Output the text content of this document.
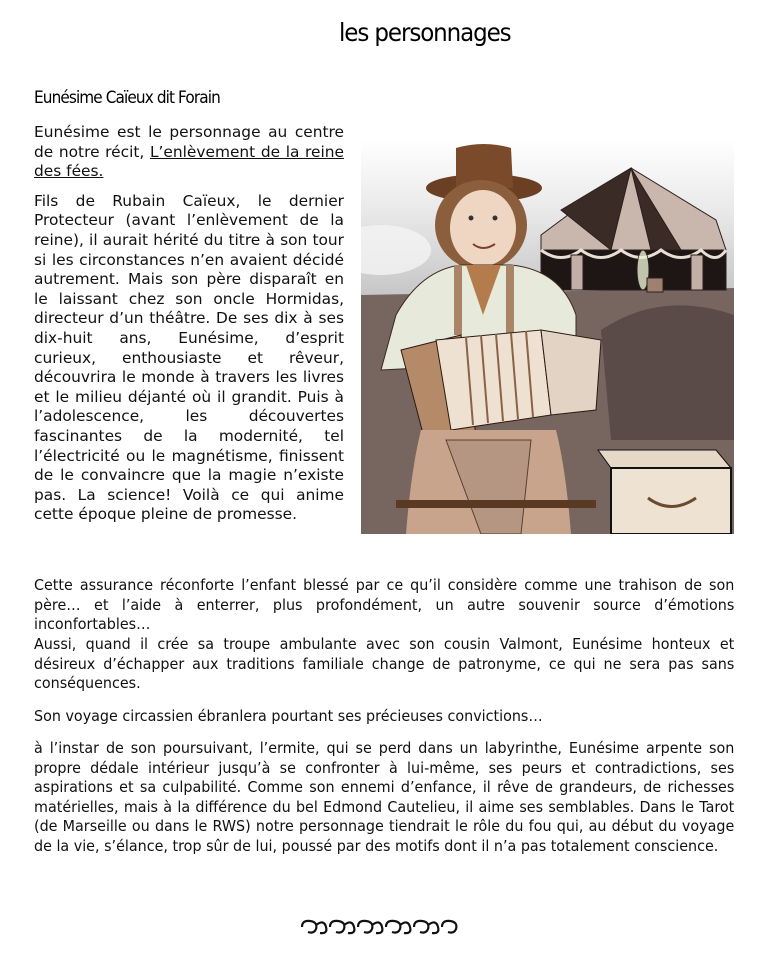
les personnages
Eunésime Caïeux dit Forain

Eunésime est le personnage au centre de notre récit, L’enlèvement de la reine des fées.

Fils de Rubain Caïeux, le dernier Protecteur (avant l’enlèvement de la reine), il aurait hérité du titre à son tour si les circonstances n’en avaient décidé autrement. Mais son père disparaît en le laissant chez son oncle Hormidas, directeur d’un théâtre. De ses dix à ses dix-huit ans, Eunésime, d’esprit curieux, enthousiaste et rêveur, découvrira le monde à travers les livres et le milieu déjanté où il grandit. Puis à l’adolescence, les découvertes fascinantes de la modernité, tel l’électricité ou le magnétisme, finissent de le convaincre que la magie n’existe pas. La science! Voilà ce qui anime cette époque pleine de promesse.

Cette assurance réconforte l’enfant blessé par ce qu’il considère comme une trahison de son père… et l’aide à enterrer, plus profondément, un autre souvenir source d’émotions inconfortables…

Aussi, quand il crée sa troupe ambulante avec son cousin Valmont, Eunésime honteux et désireux d’échapper aux traditions familiale change de patronyme, ce qui ne sera pas sans conséquences.

Son voyage circassien ébranlera pourtant ses précieuses convictions…

à l’instar de son poursuivant, l’ermite, qui se perd dans un labyrinthe, Eunésime arpente son propre dédale intérieur jusqu’à se confronter à lui-même, ses peurs et contradictions, ses aspirations et sa culpabilité. Comme son ennemi d’enfance, il rêve de grandeurs, de richesses matérielles, mais à la différence du bel Edmond Cautelieu, il aime ses semblables. Dans le Tarot (de Marseille ou dans le RWS) notre personnage tiendrait le rôle du fou qui, au début du voyage de la vie, s’élance, trop sûr de lui, poussé par des motifs dont il n’a pas totalement conscience.
